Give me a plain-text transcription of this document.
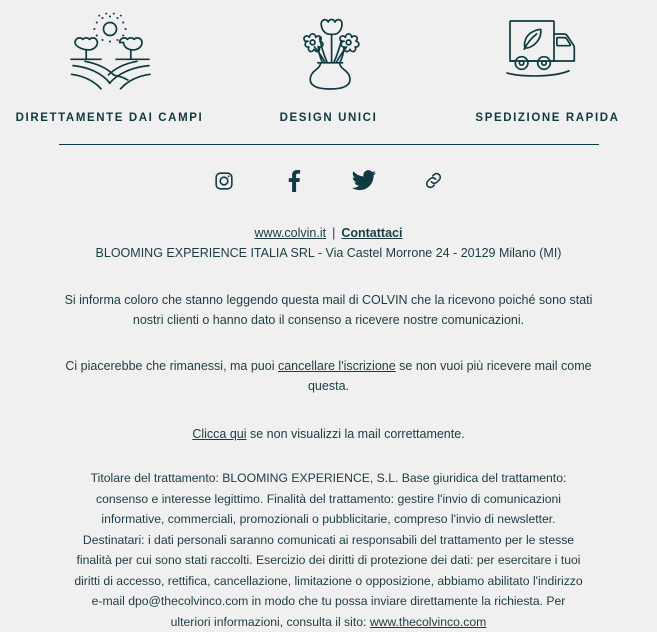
DIRETTAMENTE DAI CAMPI	DESIGN UNICI	SPEDIZIONE RAPIDA
www.colvin.it | Contattaci
BLOOMING EXPERIENCE ITALIA SRL - Via Castel Morrone 24 - 20129 Milano (MI)
Si informa coloro che stanno leggendo questa mail di COLVIN che la ricevono poiché sono stati nostri clienti o hanno dato il consenso a ricevere nostre comunicazioni.
Ci piacerebbe che rimanessi, ma puoi cancellare l'iscrizione se non vuoi più ricevere mail come questa.
Clicca qui se non visualizzi la mail correttamente.
Titolare del trattamento: BLOOMING EXPERIENCE, S.L. Base giuridica del trattamento: consenso e interesse legittimo. Finalità del trattamento: gestire l'invio di comunicazioni informative, commerciali, promozionali o pubblicitarie, compreso l'invio di newsletter. Destinatari: i dati personali saranno comunicati ai responsabili del trattamento per le stesse finalità per cui sono stati raccolti. Esercizio dei diritti di protezione dei dati: per esercitare i tuoi diritti di accesso, rettifica, cancellazione, limitazione o opposizione, abbiamo abilitato l'indirizzo e-mail dpo@thecolvinco.com in modo che tu possa inviare direttamente la richiesta. Per ulteriori informazioni, consulta il sito: www.thecolvinco.com
